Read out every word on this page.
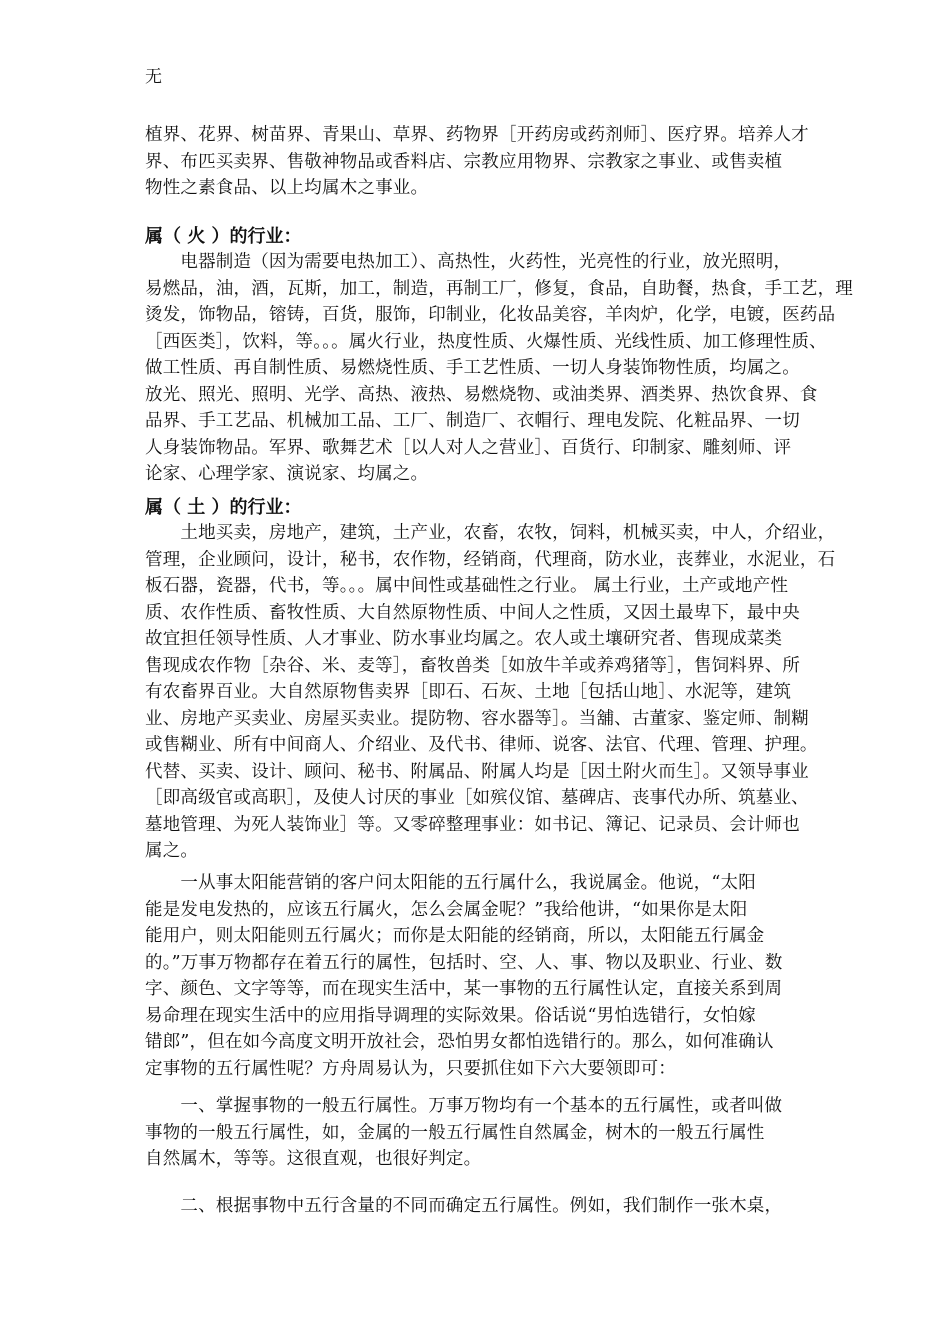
无
植界、花界、树苗界、青果山、草界、药物界［开药房或药剂师］、医疗界。培养人才
界、布匹买卖界、售敬神物品或香料店、宗教应用物界、宗教家之事业、或售卖植
物性之素食品、以上均属木之事业。
属（ 火 ）的行业：
　　电器制造（因为需要电热加工）、高热性，火药性，光亮性的行业，放光照明，
易燃品，油，酒，瓦斯，加工，制造，再制工厂，修复，食品，自助餐，热食，手工艺，理
烫发，饰物品，镕铸，百货，服饰，印制业，化妆品美容，羊肉炉，化学，电镀，医药品
［西医类］，饮料，等。。。属火行业，热度性质、火爆性质、光线性质、加工修理性质、
做工性质、再自制性质、易燃烧性质、手工艺性质、一切人身装饰物性质，均属之。
放光、照光、照明、光学、高热、液热、易燃烧物、或油类界、酒类界、热饮食界、食
品界、手工艺品、机械加工品、工厂、制造厂、衣帽行、理电发院、化粧品界、一切
人身装饰物品。军界、歌舞艺术［以人对人之营业］、百货行、印制家、雕刻师、评
论家、心理学家、演说家、均属之。
属（ 土 ）的行业：
　　土地买卖，房地产，建筑，土产业，农畜，农牧，饲料，机械买卖，中人，介绍业，
管理，企业顾问，设计，秘书，农作物，经销商，代理商，防水业，丧葬业，水泥业，石
板石器，瓷器，代书，等。。。属中间性或基础性之行业。 属土行业，土产或地产性
质、农作性质、畜牧性质、大自然原物性质、中间人之性质，又因土最卑下，最中央
故宜担任领导性质、人才事业、防水事业均属之。农人或土壤研究者、售现成菜类
售现成农作物［杂谷、米、麦等］，畜牧兽类［如放牛羊或养鸡猪等］，售饲料界、所
有农畜界百业。大自然原物售卖界［即石、石灰、土地［包括山地］、水泥等，建筑
业、房地产买卖业、房屋买卖业。提防物、容水器等］。当舖、古董家、鉴定师、制糊
或售糊业、所有中间商人、介绍业、及代书、律师、说客、法官、代理、管理、护理。
代替、买卖、设计、顾问、秘书、附属品、附属人均是［因土附火而生］。又领导事业
［即高级官或高职］，及使人讨厌的事业［如殡仪馆、墓碑店、丧事代办所、筑墓业、
墓地管理、为死人装饰业］等。又零碎整理事业：如书记、簿记、记录员、会计师也
属之。
　　一从事太阳能营销的客户问太阳能的五行属什么，我说属金。他说，“太阳
能是发电发热的，应该五行属火，怎么会属金呢？”我给他讲，“如果你是太阳
能用户，则太阳能则五行属火；而你是太阳能的经销商，所以，太阳能五行属金
的。”万事万物都存在着五行的属性，包括时、空、人、事、物以及职业、行业、数
字、颜色、文字等等，而在现实生活中，某一事物的五行属性认定，直接关系到周
易命理在现实生活中的应用指导调理的实际效果。俗话说“男怕选错行，女怕嫁
错郎”，但在如今高度文明开放社会，恐怕男女都怕选错行的。那么，如何准确认
定事物的五行属性呢？方舟周易认为，只要抓住如下六大要领即可：
　　一、掌握事物的一般五行属性。万事万物均有一个基本的五行属性，或者叫做
事物的一般五行属性，如，金属的一般五行属性自然属金，树木的一般五行属性
自然属木，等等。这很直观，也很好判定。
　　二、根据事物中五行含量的不同而确定五行属性。例如，我们制作一张木桌，
